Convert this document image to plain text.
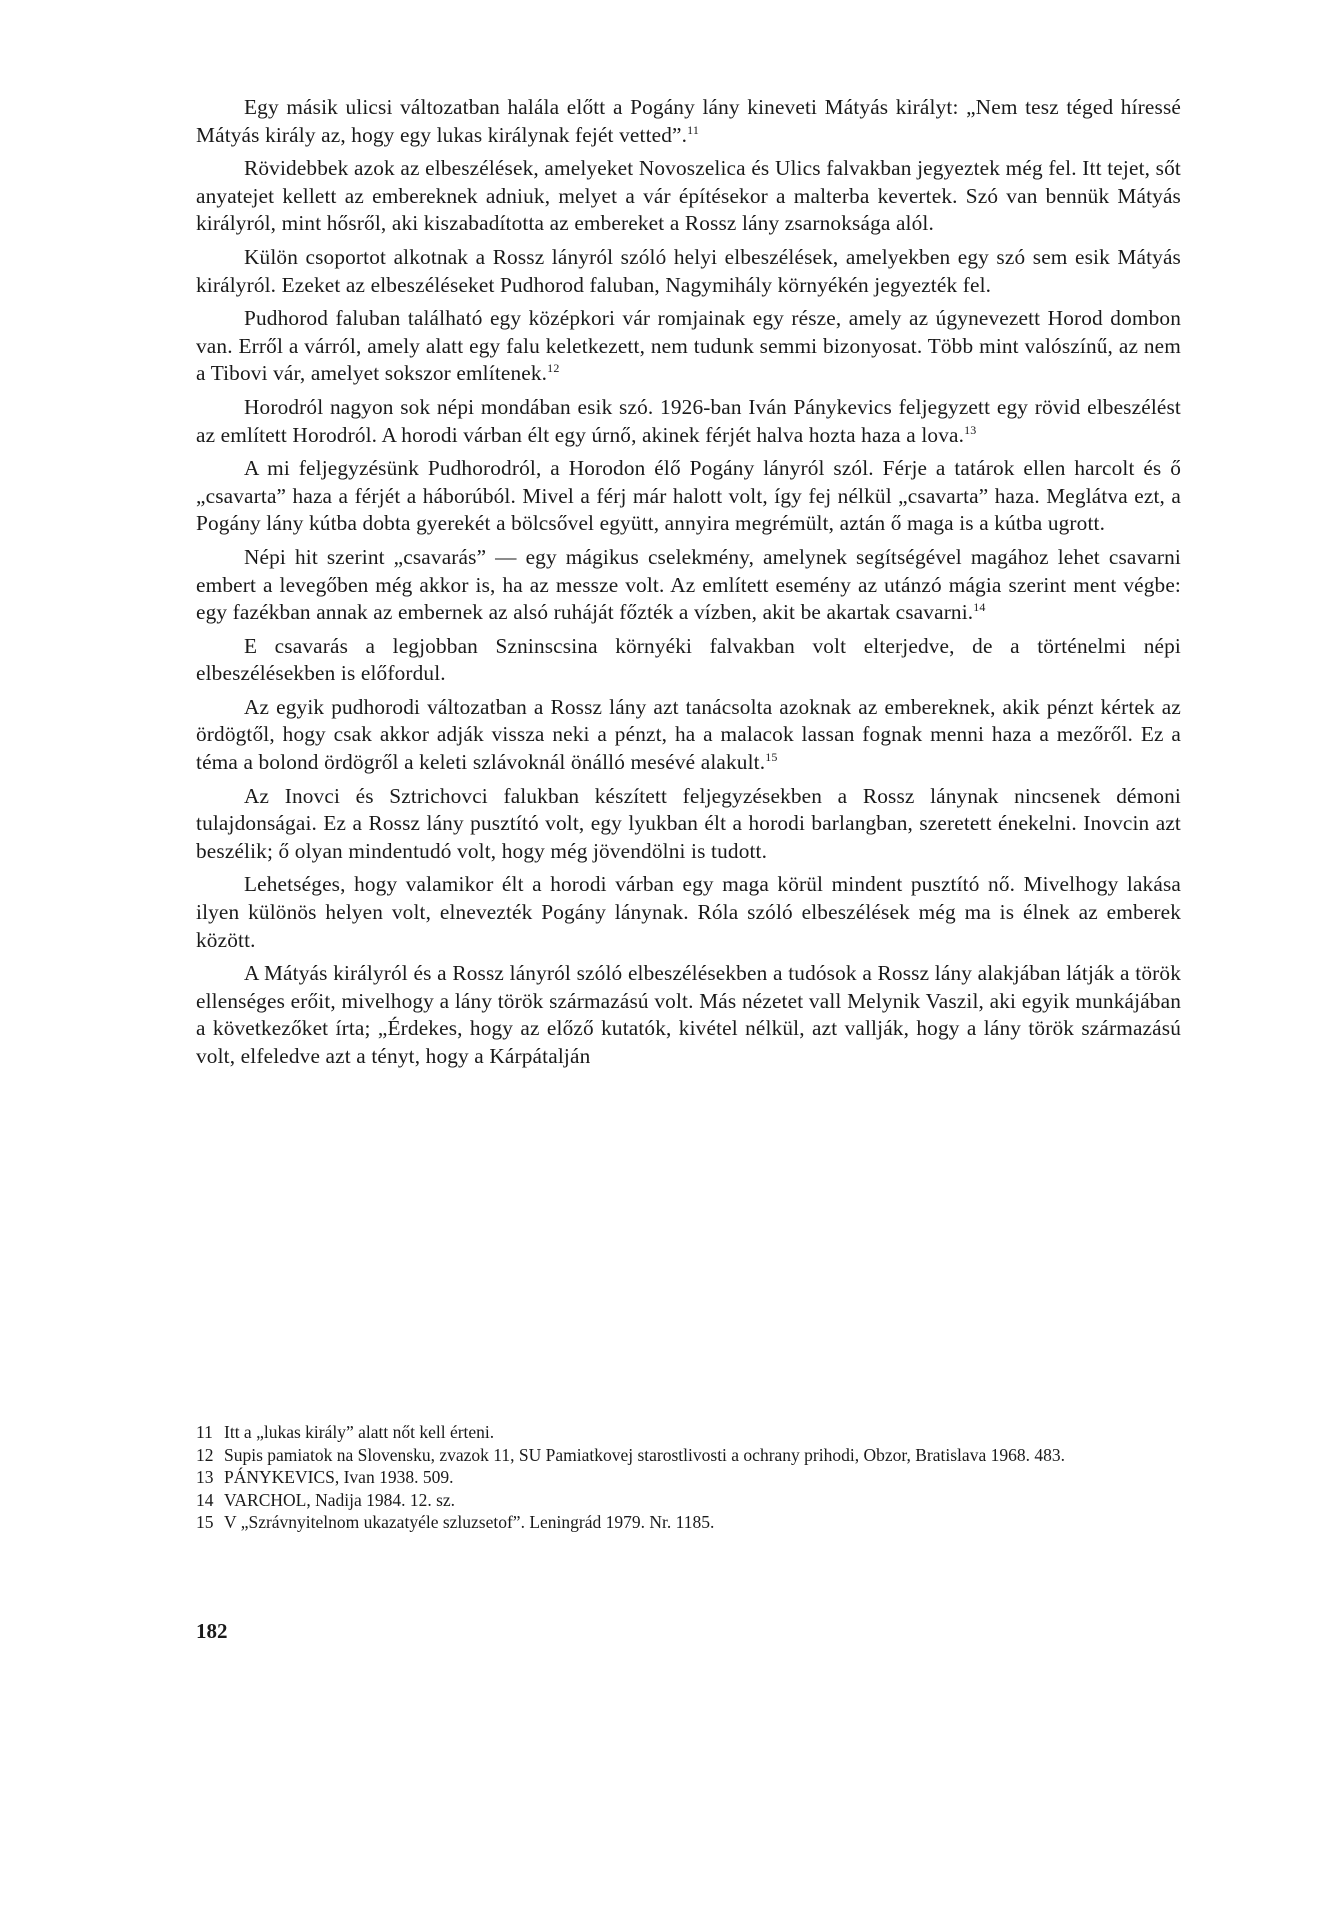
Egy másik ulicsi változatban halála előtt a Pogány lány kineveti Mátyás királyt: „Nem tesz téged híressé Mátyás király az, hogy egy lukas királynak fejét vetted”.$^{11}$

Rövidebbek azok az elbeszélések, amelyeket Novoszelica és Ulics falvakban jegyeztek még fel. Itt tejet, sőt anyatejet kellett az embereknek adniuk, melyet a vár építésekor a malterba kevertek. Szó van bennük Mátyás királyról, mint hősről, aki kiszabadította az embereket a Rossz lány zsarnoksága alól.

Külön csoportot alkotnak a Rossz lányról szóló helyi elbeszélések, amelyekben egy szó sem esik Mátyás királyról. Ezeket az elbeszéléseket Pudhorod faluban, Nagymihály környékén jegyezték fel.

Pudhorod faluban található egy középkori vár romjainak egy része, amely az úgynevezett Horod dombon van. Erről a várról, amely alatt egy falu keletkezett, nem tudunk semmi bizonyosat. Több mint valószínű, az nem a Tibovi vár, amelyet sokszor említenek.$^{12}$

Horodról nagyon sok népi mondában esik szó. 1926-ban Iván Pánykevics feljegyzett egy rövid elbeszélést az említett Horodról. A horodi várban élt egy úrnő, akinek férjét halva hozta haza a lova.$^{13}$

A mi feljegyzésünk Pudhorodról, a Horodon élő Pogány lányról szól. Férje a tatárok ellen harcolt és ő „csavarta” haza a férjét a háborúból. Mivel a férj már halott volt, így fej nélkül „csavarta” haza. Meglátva ezt, a Pogány lány kútba dobta gyerekét a bölcsővel együtt, annyira megrémült, aztán ő maga is a kútba ugrott.

Népi hit szerint „csavarás” — egy mágikus cselekmény, amelynek segítségével magához lehet csavarni embert a levegőben még akkor is, ha az messze volt. Az említett esemény az utánzó mágia szerint ment végbe: egy fazékban annak az embernek az alsó ruháját főzték a vízben, akit be akartak csavarni.$^{14}$

E csavarás a legjobban Szninscsina környéki falvakban volt elterjedve, de a történelmi népi elbeszélésekben is előfordul.

Az egyik pudhorodi változatban a Rossz lány azt tanácsolta azoknak az embereknek, akik pénzt kértek az ördögtől, hogy csak akkor adják vissza neki a pénzt, ha a malacok lassan fognak menni haza a mezőről. Ez a téma a bolond ördögről a keleti szlávoknál önálló mesévé alakult.$^{15}$

Az Inovci és Sztrichovci falukban készített feljegyzésekben a Rossz lánynak nincsenek démoni tulajdonságai. Ez a Rossz lány pusztító volt, egy lyukban élt a horodi barlangban, szeretett énekelni. Inovcin azt beszélik; ő olyan mindentudó volt, hogy még jövendölni is tudott.

Lehetséges, hogy valamikor élt a horodi várban egy maga körül mindent pusztító nő. Mivelhogy lakása ilyen különös helyen volt, elnevezték Pogány lánynak. Róla szóló elbeszélések még ma is élnek az emberek között.

A Mátyás királyról és a Rossz lányról szóló elbeszélésekben a tudósok a Rossz lány alakjában látják a török ellenséges erőit, mivelhogy a lány török származású volt. Más nézetet vall Melynik Vaszil, aki egyik munkájában a következőket írta; „Érdekes, hogy az előző kutatók, kivétel nélkül, azt vallják, hogy a lány török származású volt, elfeledve azt a tényt, hogy a Kárpátalján

11 Itt a „lukas király” alatt nőt kell érteni.
12 Supis pamiatok na Slovensku, zvazok 11, SU Pamiatkovej starostlivosti a ochrany prihodi, Obzor, Bratislava 1968. 483.
13 PÁNYKEVICS, Ivan 1938. 509.
14 VARCHOL, Nadija 1984. 12. sz.
15 V „Szrávnyitelnom ukazatyéle szluzsetof”. Leningrád 1979. Nr. 1185.
182
